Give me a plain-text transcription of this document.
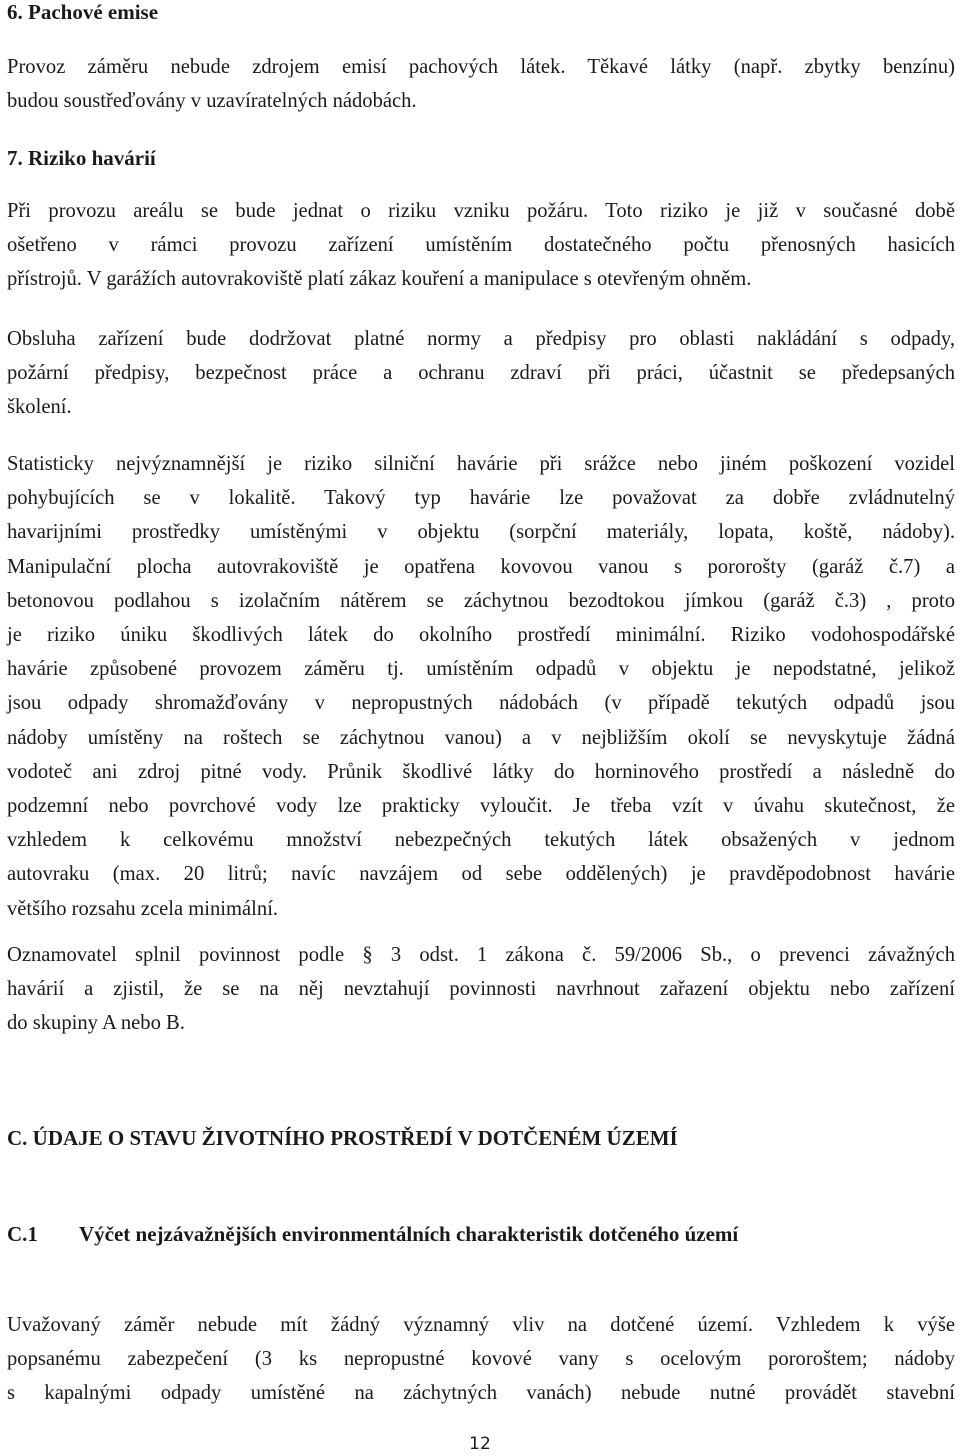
6. Pachové emise
Provoz záměru nebude zdrojem emisí pachových látek. Těkavé látky (např. zbytky benzínu)
budou soustřeďovány v uzavíratelných nádobách.
7. Riziko havárií
Při provozu areálu se bude jednat o riziku vzniku požáru. Toto riziko je již v současné době
ošetřeno v rámci provozu zařízení umístěním dostatečného počtu přenosných hasicích
přístrojů. V garážích autovrakoviště platí zákaz kouření a manipulace s otevřeným ohněm.
Obsluha zařízení bude dodržovat platné normy a předpisy pro oblasti nakládání s odpady,
požární předpisy, bezpečnost práce a ochranu zdraví při práci, účastnit se předepsaných
školení.
Statisticky nejvýznamnější je riziko silniční havárie při srážce nebo jiném poškození vozidel
pohybujících se v lokalitě. Takový typ havárie lze považovat za dobře zvládnutelný
havarijními prostředky umístěnými v objektu (sorpční materiály, lopata, koště, nádoby).
Manipulační plocha autovrakoviště je opatřena kovovou vanou s pororošty (garáž č.7) a
betonovou podlahou s izolačním nátěrem se záchytnou bezodtokou jímkou (garáž č.3) , proto
je riziko úniku škodlivých látek do okolního prostředí minimální. Riziko vodohospodářské
havárie způsobené provozem záměru tj. umístěním odpadů v objektu je nepodstatné, jelikož
jsou odpady shromažďovány v nepropustných nádobách (v případě tekutých odpadů jsou
nádoby umístěny na roštech se záchytnou vanou) a v nejbližším okolí se nevyskytuje žádná
vodoteč ani zdroj pitné vody. Průnik škodlivé látky do horninového prostředí a následně do
podzemní nebo povrchové vody lze prakticky vyloučit. Je třeba vzít v úvahu skutečnost, že
vzhledem k celkovému množství nebezpečných tekutých látek obsažených v jednom
autovraku (max. 20 litrů; navíc navzájem od sebe oddělených) je pravděpodobnost havárie
většího rozsahu zcela minimální.
Oznamovatel splnil povinnost podle § 3 odst. 1 zákona č. 59/2006 Sb., o prevenci závažných
havárií a zjistil, že se na něj nevztahují povinnosti navrhnout zařazení objektu nebo zařízení
do skupiny A nebo B.
C. ÚDAJE O STAVU ŽIVOTNÍHO PROSTŘEDÍ V DOTČENÉM ÚZEMÍ
C.1 Výčet nejzávažnějších environmentálních charakteristik dotčeného území
Uvažovaný záměr nebude mít žádný významný vliv na dotčené území. Vzhledem k výše
popsanému zabezpečení (3 ks nepropustné kovové vany s ocelovým pororoštem; nádoby
s kapalnými odpady umístěné na záchytných vanách) nebude nutné provádět stavební
12
